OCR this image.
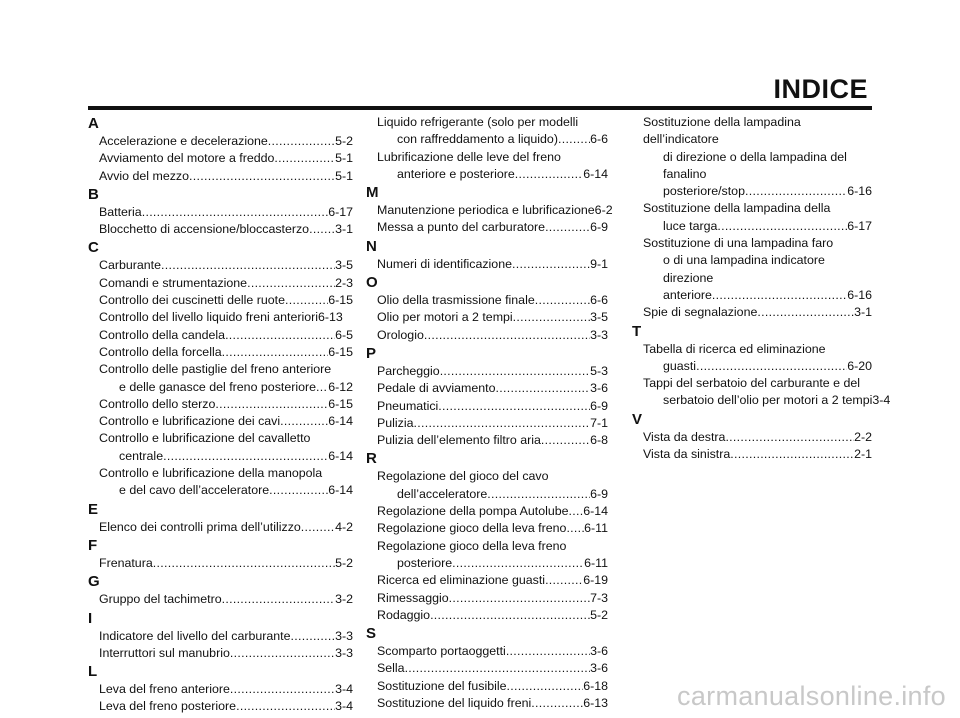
INDICE
A
Accelerazione e decelerazione .....	5-2
Avviamento del motore a freddo .....	5-1
Avvio del mezzo .....	5-1
B
Batteria .....	6-17
Blocchetto di accensione/bloccasterzo ..... 3-1
C
Carburante .....	3-5
Comandi e strumentazione .....	2-3
Controllo dei cuscinetti delle ruote .....	6-15
Controllo del livello liquido freni anteriori 6-13
Controllo della candela .....	6-5
Controllo della forcella .....	6-15
Controllo delle pastiglie del freno anteriore
e delle ganasce del freno posteriore ..... 6-12
Controllo dello sterzo .....	6-15
Controllo e lubrificazione dei cavi .....	6-14
Controllo e lubrificazione del cavalletto
centrale .....	6-14
Controllo e lubrificazione della manopola
e del cavo dell’acceleratore .....	6-14
E
Elenco dei controlli prima dell’utilizzo .....	4-2
F
Frenatura .....	5-2
G
Gruppo del tachimetro .....	3-2
I
Indicatore del livello del carburante .....	3-3
Interruttori sul manubrio .....	3-3
L
Leva del freno anteriore .....	3-4
Leva del freno posteriore .....	3-4
Liquido refrigerante (solo per modelli
con raffreddamento a liquido) .....	6-6
Lubrificazione delle leve del freno
anteriore e posteriore .....	6-14
M
Manutenzione periodica e lubrificazione 6-2
Messa a punto del carburatore .....	6-9
N
Numeri di identificazione .....	9-1
O
Olio della trasmissione finale .....	6-6
Olio per motori a 2 tempi .....	3-5
Orologio .....	3-3
P
Parcheggio .....	5-3
Pedale di avviamento .....	3-6
Pneumatici .....	6-9
Pulizia .....	7-1
Pulizia dell’elemento filtro aria .....	6-8
R
Regolazione del gioco del cavo
dell’acceleratore .....	6-9
Regolazione della pompa Autolube ..... 6-14
Regolazione gioco della leva freno ..... 6-11
Regolazione gioco della leva freno
posteriore .....	6-11
Ricerca ed eliminazione guasti .....	6-19
Rimessaggio .....	7-3
Rodaggio .....	5-2
S
Scomparto portaoggetti .....	3-6
Sella .....	3-6
Sostituzione del fusibile .....	6-18
Sostituzione del liquido freni .....	6-13
Sostituzione della lampadina dell’indicatore
di direzione o della lampadina del fanalino
posteriore/stop .....	6-16
Sostituzione della lampadina della
luce targa .....	6-17
Sostituzione di una lampadina faro
o di una lampadina indicatore direzione
anteriore .....	6-16
Spie di segnalazione .....	3-1
T
Tabella di ricerca ed eliminazione
guasti .....	6-20
Tappi del serbatoio del carburante e del
serbatoio dell’olio per motori a 2 tempi 3-4
V
Vista da destra .....	2-2
Vista da sinistra .....	2-1
carmanualsonline.info
